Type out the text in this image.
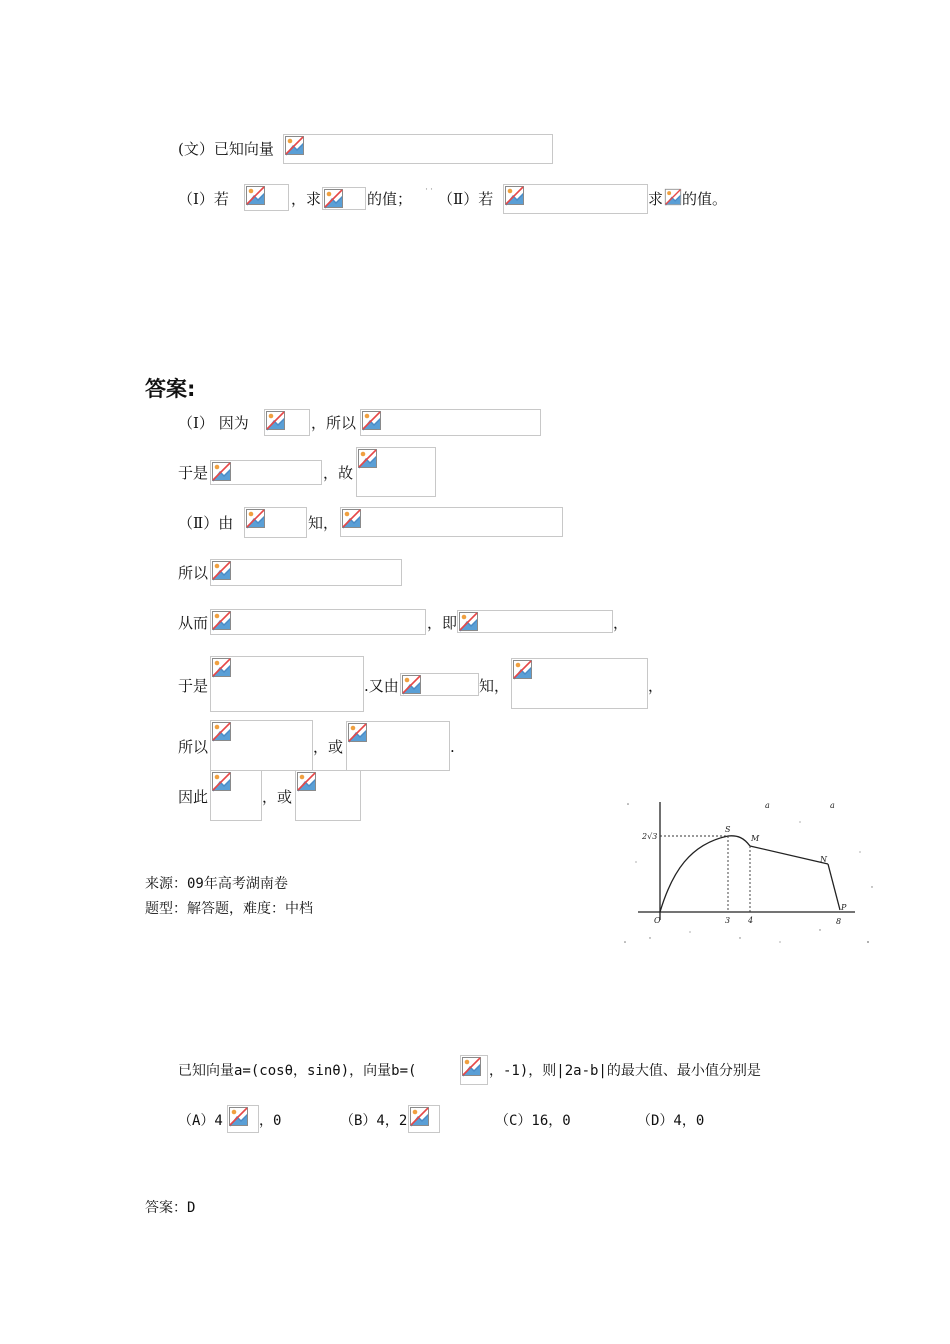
(文）已知向量
（Ⅰ）若	，求	的值； ˙˙ （Ⅱ）若	求 的值。
答案:
（Ⅰ） 因为	，所以
于是	，故
（Ⅱ）由	知，
所以
从而	，即	，
于是	.又由	知，	，
所以	，或	.
因此	，或
来源：09年高考湖南卷
题型：解答题，难度：中档
2√3
O	3 4	8
S
M
N
P
a	a
已知向量a=(cosθ，sinθ)，向量b=(	，-1)，则|2a-b|的最大值、最小值分别是
（A）4	，0	（B）4，2	（C）16，0	（D）4，0
答案：D
